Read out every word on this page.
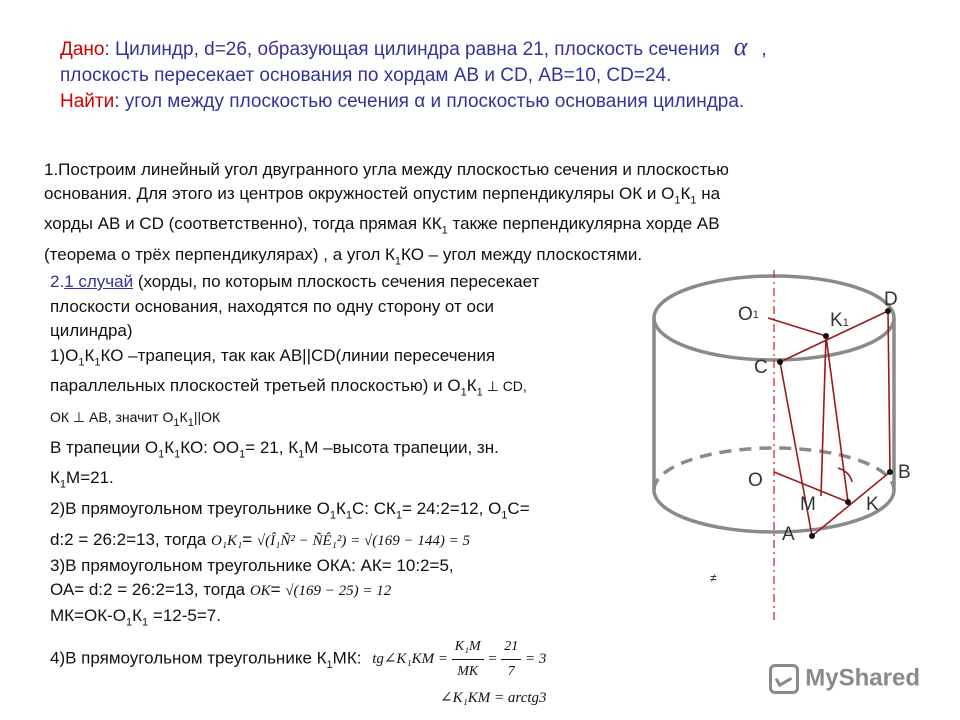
Дано: Цилиндр, d=26, образующая цилиндра равна 21, плоскость сечения α ,
плоскость пересекает основания по хордам АВ и CD, АВ=10, CD=24.
Найти: угол между плоскостью сечения α и плоскостью основания цилиндра.
1.Построим линейный угол двугранного угла между плоскостью сечения и плоскостью
основания. Для этого из центров окружностей опустим перпендикуляры ОК и $О_1К_1$ на
хорды АВ и CD (соответственно), тогда прямая $КК_1$ также перпендикулярна хорде АВ
(теорема о трёх перпендикулярах) , а угол $К_1КО$ – угол между плоскостями.

2.1 случай (хорды, по которым плоскость сечения пересекает

плоскости основания, находятся по одну сторону от оси

цилиндра)

$1)О_1К_1КО$ –трапеция, так как АВ||CD(линии пересечения

параллельных плоскостей третьей плоскостью) и $О_1К_1$ ⊥ CD,

ОК ⊥ АВ, значит $О_1К_1||ОК$

В трапеции $О_1К_1КО$: $ОО_1= 21$, $К_1М$ –высота трапеции, зн.

$К_1М=21$.

2)В прямоугольном треугольнике $О_1К_1С$: $СК_1=$ 24:2=12, $О_1С=$

d:2 = 26:2=13, тогда O₁K₁= √(Î₁Ñ² − ÑÊ₁²) = √(169 − 144) = 5

3)В прямоугольном треугольнике ОКА: АК= 10:2=5,

ОА= d:2 = 26:2=13, тогда OK= √(169 − 25) = 12

$МК=ОК-О_1К_1 =12-5=7$.

4)В прямоугольном треугольнике $К_1МК$: tg∠K₁KM = $\frac{\text{K₁M}}{MK} = \frac{21}{7} = 3$

∠K₁KM = arctg3

O1	K1
D
C
O	B
M	K
A
≠
MyShared
